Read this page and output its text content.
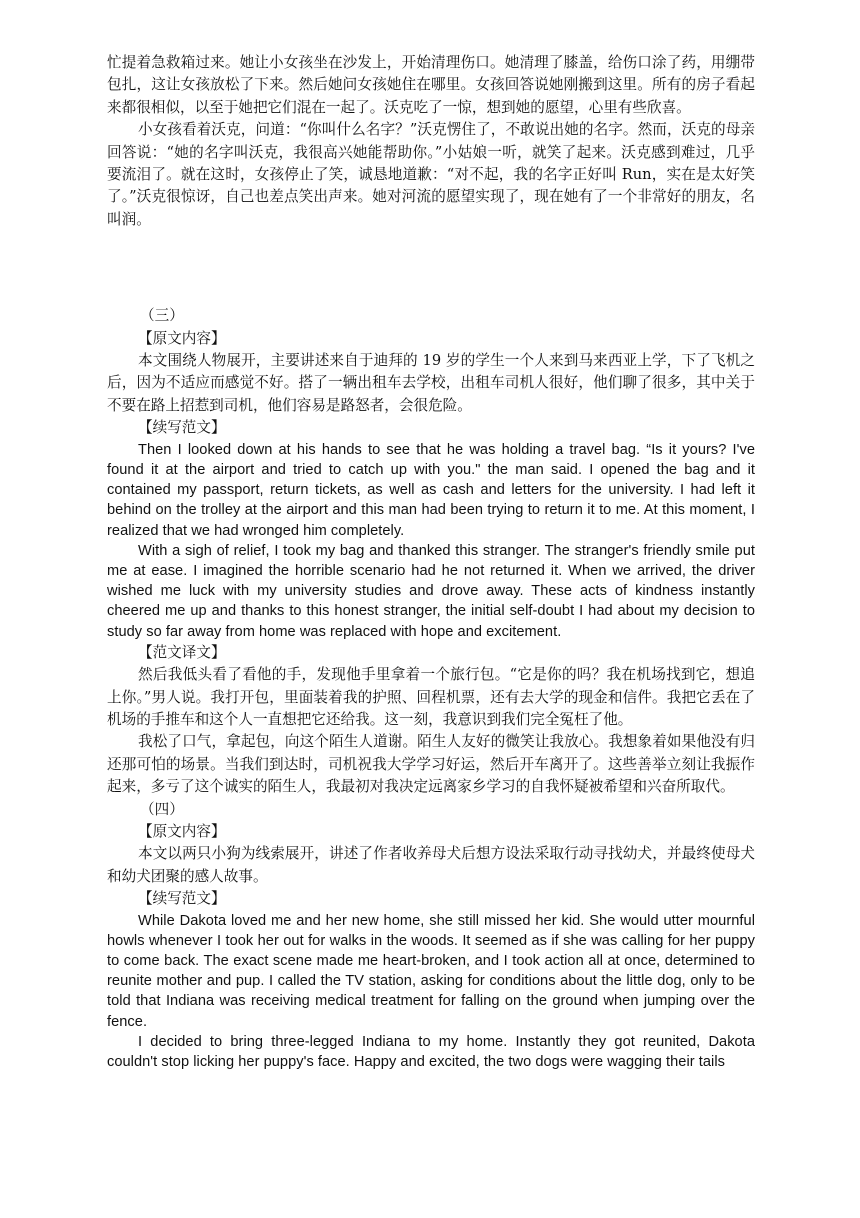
忙提着急救箱过来。她让小女孩坐在沙发上，开始清理伤口。她清理了膝盖，给伤口涂了药，用绷带包扎，这让女孩放松了下来。然后她问女孩她住在哪里。女孩回答说她刚搬到这里。所有的房子看起来都很相似，以至于她把它们混在一起了。沃克吃了一惊，想到她的愿望，心里有些欣喜。

小女孩看着沃克，问道：“你叫什么名字？”沃克愣住了，不敢说出她的名字。然而，沃克的母亲回答说：“她的名字叫沃克，我很高兴她能帮助你。”小姑娘一听，就笑了起来。沃克感到难过，几乎要流泪了。就在这时，女孩停止了笑，诚恳地道歉：“对不起，我的名字正好叫 Run，实在是太好笑了。”沃克很惊讶，自己也差点笑出声来。她对河流的愿望实现了，现在她有了一个非常好的朋友，名叫润。

（三）
【原文内容】

本文围绕人物展开，主要讲述来自于迪拜的 19 岁的学生一个人来到马来西亚上学，下了飞机之后，因为不适应而感觉不好。搭了一辆出租车去学校，出租车司机人很好，他们聊了很多，其中关于不要在路上招惹到司机，他们容易是路怒者，会很危险。

【续写范文】

Then I looked down at his hands to see that he was holding a travel bag. “Is it yours? I've found it at the airport and tried to catch up with you." the man said. I opened the bag and it contained my passport, return tickets, as well as cash and letters for the university. I had left it behind on the trolley at the airport and this man had been trying to return it to me. At this moment, I realized that we had wronged him completely.

With a sigh of relief, I took my bag and thanked this stranger. The stranger's friendly smile put me at ease. I imagined the horrible scenario had he not returned it. When we arrived, the driver wished me luck with my university studies and drove away. These acts of kindness instantly cheered me up and thanks to this honest stranger, the initial self-doubt I had about my decision to study so far away from home was replaced with hope and excitement.

【范文译文】

然后我低头看了看他的手，发现他手里拿着一个旅行包。“它是你的吗？我在机场找到它，想追上你。”男人说。我打开包，里面装着我的护照、回程机票，还有去大学的现金和信件。我把它丢在了 机场的手推车和这个人一直想把它还给我。这一刻，我意识到我们完全冤枉了他。

我松了口气，拿起包，向这个陌生人道谢。陌生人友好的微笑让我放心。我想象着如果他没有归还那可怕的场景。当我们到达时，司机祝我大学学习好运，然后开车离开了。这些善举立刻让我振作起来，多亏了这个诚实的陌生人，我最初对我决定远离家乡学习的自我怀疑被希望和兴奋所取代。

（四）
【原文内容】

本文以两只小狗为线索展开，讲述了作者收养母犬后想方设法采取行动寻找幼犬，并最终使母犬和幼犬团聚的感人故事。

【续写范文】

While Dakota loved me and her new home, she still missed her kid. She would utter mournful howls whenever I took her out for walks in the woods. It seemed as if she was calling for her puppy to come back. The exact scene made me heart-broken, and I took action all at once, determined to reunite mother and pup. I called the TV station, asking for conditions about the little dog, only to be told that Indiana was receiving medical treatment for falling on the ground when jumping over the fence.

I decided to bring three-legged Indiana to my home. Instantly they got reunited, Dakota couldn't stop licking her puppy's face. Happy and excited, the two dogs were wagging their tails
